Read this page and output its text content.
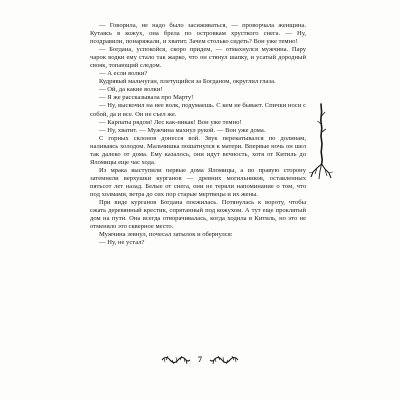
— Говорила, не надо было засиживаться, — проворчала женщина. Кутаясь в кожух, она брела по островкам хрусткого снега. — Ну, поздравили, понаряжали, и хватит. Зачем столько сидеть? Вон уже темно!

— Богдана, успокойся, скоро придем, — отмахнулся мужчина. Пару чарок водки ему стало так жарко, что он стянул шапку, и усатый дородный свояк, топающий следом.

— А если волки?

Кудрявый мальчуган, плетущийся за Богданом, округлил глаза.

— Ой, да какие волки!

— Я же рассказывала про Марту!

— Ну, выскочил на нее волк, подумаешь. С кем не бывает. Спички носи с собой, да и все. Он не съел же.

— Карпаты рядом! Лес как-никак! Вон уже темно!

— Ну, хватит. — Мужчина махнул рукой. — Вон уже дома.

С горных склонов донесся вой. Звук перекатывался по долинам, наливаясь холодом. Мальчишка пошатнулся к матери. Впервые ночь он шел так далеко от дома. Ему казалось, они идут вечность, хотя от Китиль до Яломицы еще час хода.

Из мрака выступили первые дома Яломицы, а по правую сторону затемнели верхушки курганов — древних могильников, оставленных пятьсот лет назад. Белые от снега, они не теряли напоминание о том, что под холмами, ветра до сих пор старые мертвецы и их жены.

При виде курганов Богдана поежилась. Потянулась к вороту, чтобы сжать деревянный крестик, спрятанный под кожухом. А тут еще проклятый дом на пути. Она всегда отворачивалась, когда ходила в Китиль, но это не отменяло это скверное место.

Мужчина зевнул, почесал затылок и обернулся:

— Ну, не устал?

7
